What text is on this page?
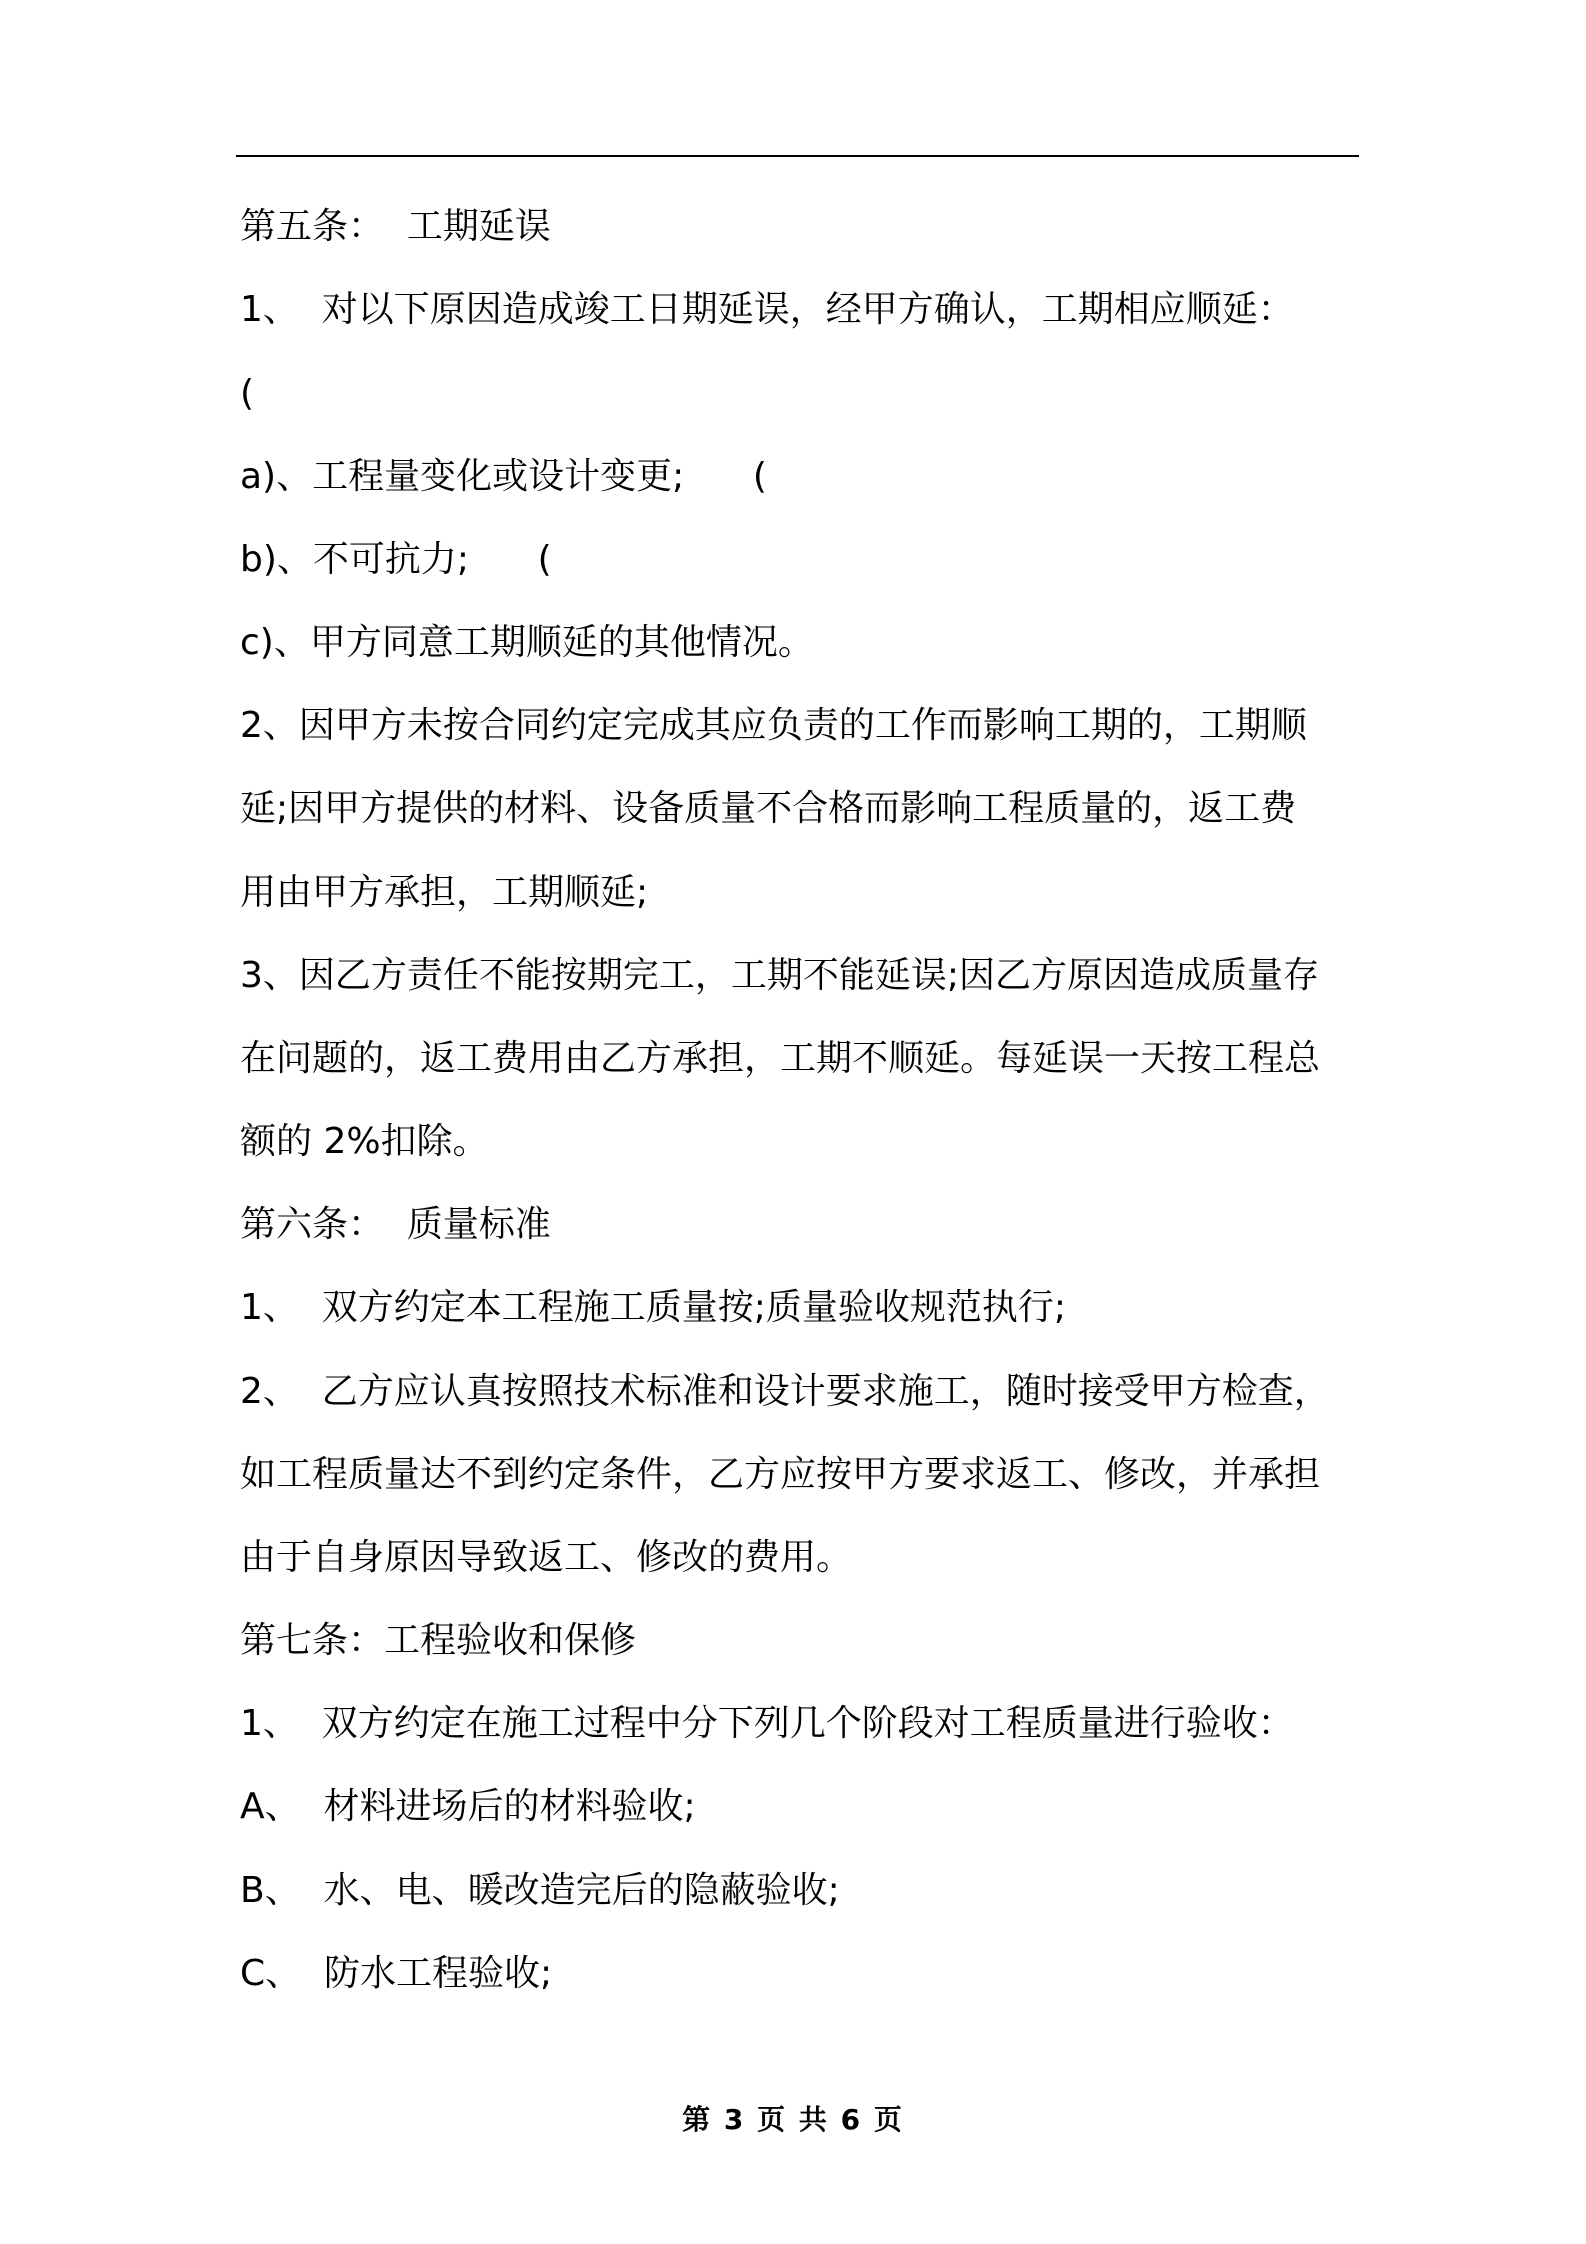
第五条：  工期延误

1、  对以下原因造成竣工日期延误，经甲方确认，工期相应顺延：

(

a)、工程量变化或设计变更;      (

b)、不可抗力;      (

c)、甲方同意工期顺延的其他情况。

2、因甲方未按合同约定完成其应负责的工作而影响工期的，工期顺

延;因甲方提供的材料、设备质量不合格而影响工程质量的，返工费

用由甲方承担，工期顺延;

3、因乙方责任不能按期完工，工期不能延误;因乙方原因造成质量存

在问题的，返工费用由乙方承担，工期不顺延。每延误一天按工程总

额的 2%扣除。

第六条：  质量标准

1、  双方约定本工程施工质量按;质量验收规范执行;

2、  乙方应认真按照技术标准和设计要求施工，随时接受甲方检查，

如工程质量达不到约定条件，乙方应按甲方要求返工、修改，并承担

由于自身原因导致返工、修改的费用。

第七条：工程验收和保修

1、  双方约定在施工过程中分下列几个阶段对工程质量进行验收：

A、  材料进场后的材料验收;

B、  水、电、暖改造完后的隐蔽验收;

C、  防水工程验收;

第 3 页 共 6 页
